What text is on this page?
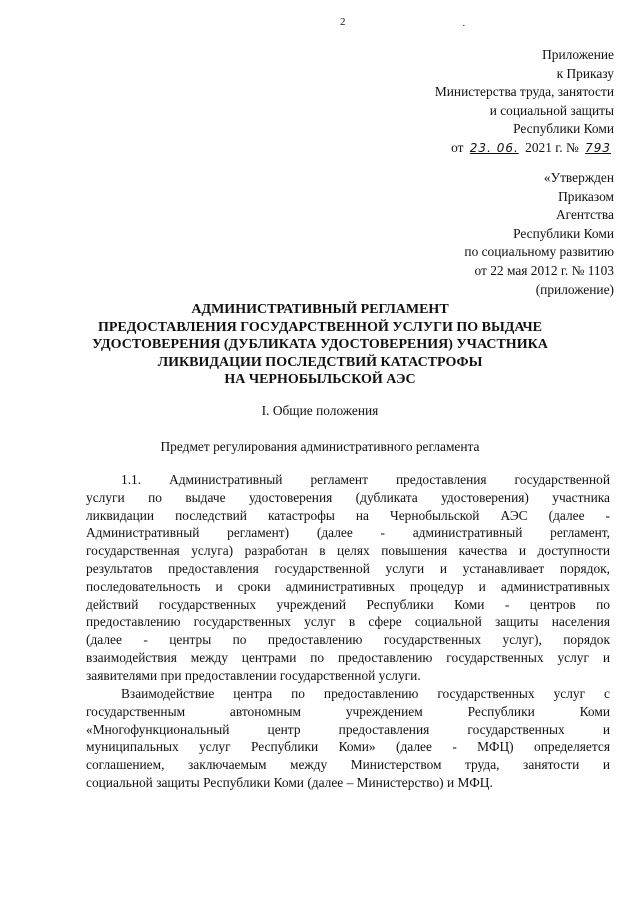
2	·
Приложение
к Приказу
Министерства труда, занятости
и социальной защиты
Республики Коми
от 23. 06. 2021 г. № 793
«Утвержден
Приказом
Агентства
Республики Коми
по социальному развитию
от 22 мая 2012 г. № 1103
(приложение)
АДМИНИСТРАТИВНЫЙ РЕГЛАМЕНТ
ПРЕДОСТАВЛЕНИЯ ГОСУДАРСТВЕННОЙ УСЛУГИ ПО ВЫДАЧЕ
УДОСТОВЕРЕНИЯ (ДУБЛИКАТА УДОСТОВЕРЕНИЯ) УЧАСТНИКА
ЛИКВИДАЦИИ ПОСЛЕДСТВИЙ КАТАСТРОФЫ
НА ЧЕРНОБЫЛЬСКОЙ АЭС
I. Общие положения
Предмет регулирования административного регламента
1.1. Административный регламент предоставления государственной
услуги по выдаче удостоверения (дубликата удостоверения) участника
ликвидации последствий катастрофы на Чернобыльской АЭС (далее -
Административный регламент) (далее - административный регламент,
государственная услуга) разработан в целях повышения качества и доступности
результатов предоставления государственной услуги и устанавливает порядок,
последовательность и сроки административных процедур и административных
действий государственных учреждений Республики Коми - центров по
предоставлению государственных услуг в сфере социальной защиты населения
(далее - центры по предоставлению государственных услуг), порядок
взаимодействия между центрами по предоставлению государственных услуг и
заявителями при предоставлении государственной услуги.
Взаимодействие центра по предоставлению государственных услуг с
государственным автономным учреждением Республики Коми
«Многофункциональный центр предоставления государственных и
муниципальных услуг Республики Коми» (далее - МФЦ) определяется
соглашением, заключаемым между Министерством труда, занятости и
социальной защиты Республики Коми (далее – Министерство) и МФЦ.
